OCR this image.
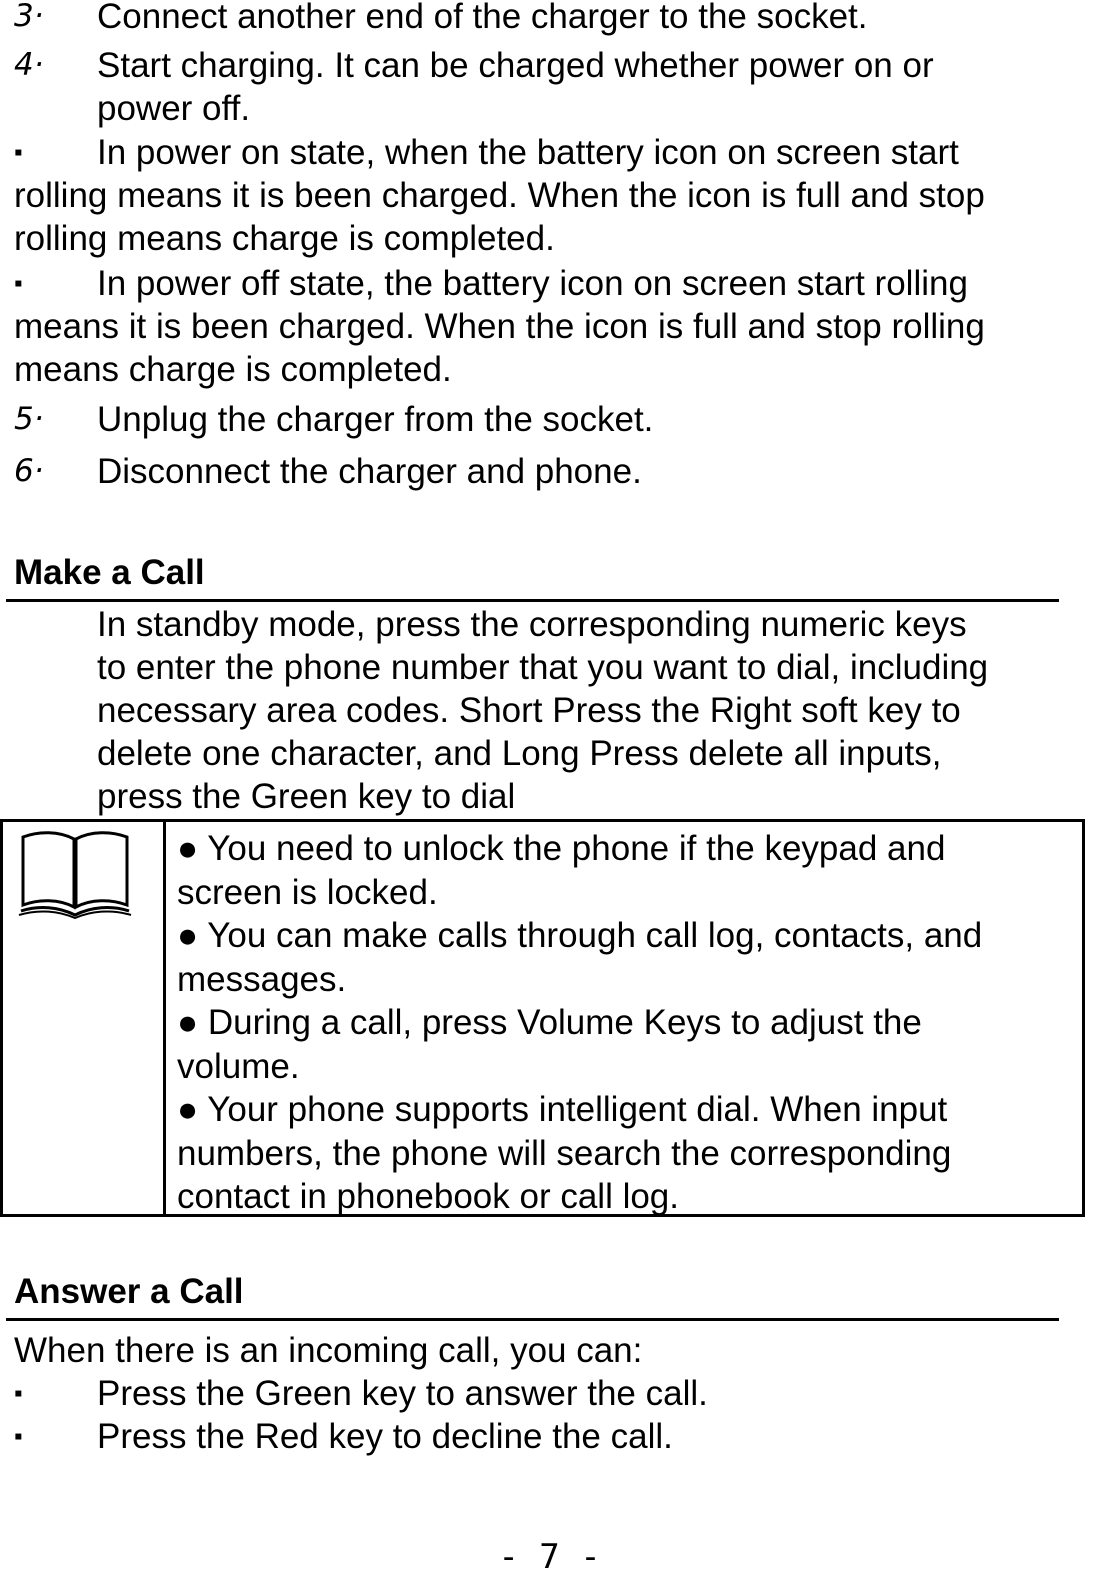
3· Connect another end of the charger to the socket.
4· Start charging. It can be charged whether power on or
power off.
▪ In power on state, when the battery icon on screen start
rolling means it is been charged. When the icon is full and stop
rolling means charge is completed.
▪ In power off state, the battery icon on screen start rolling
means it is been charged. When the icon is full and stop rolling
means charge is completed.
5· Unplug the charger from the socket.
6· Disconnect the charger and phone.
Make a Call
In standby mode, press the corresponding numeric keys
to enter the phone number that you want to dial, including
necessary area codes. Short Press the Right soft key to
delete one character, and Long Press delete all inputs,
press the Green key to dial
● You need to unlock the phone if the keypad and
screen is locked.
● You can make calls through call log, contacts, and
messages.
● During a call, press Volume Keys to adjust the
volume.
● Your phone supports intelligent dial. When input
numbers, the phone will search the corresponding
contact in phonebook or call log.
Answer a Call
When there is an incoming call, you can:
▪ Press the Green key to answer the call.
▪ Press the Red key to decline the call.
- 7 -
